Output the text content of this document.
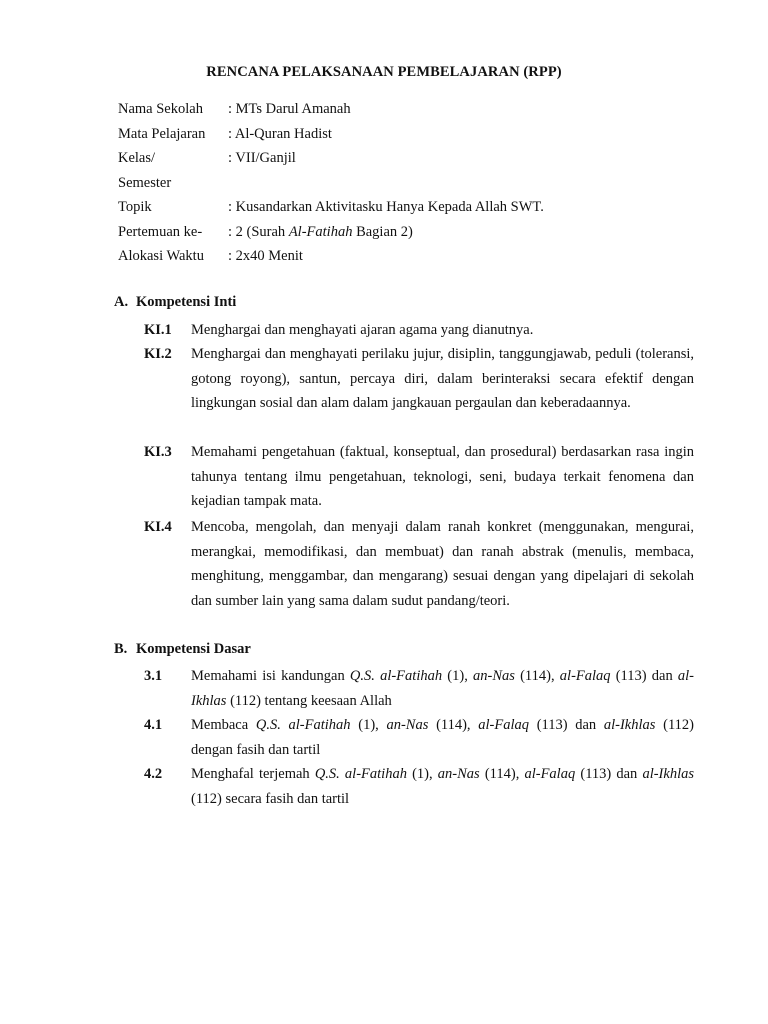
RENCANA PELAKSANAAN PEMBELAJARAN (RPP)
Nama Sekolah	: MTs Darul Amanah
Mata Pelajaran	: Al-Quran Hadist
Kelas/	: VII/Ganjil
Semester
Topik	: Kusandarkan Aktivitasku Hanya Kepada Allah SWT.
Pertemuan ke-	: 2 (Surah Al-Fatihah Bagian 2)
Alokasi Waktu	: 2x40 Menit
A. Kompetensi Inti
KI.1	Menghargai dan menghayati ajaran agama yang dianutnya.
KI.2	Menghargai dan menghayati perilaku jujur, disiplin, tanggungjawab, peduli (toleransi, gotong royong), santun, percaya diri, dalam berinteraksi secara efektif dengan lingkungan sosial dan alam dalam jangkauan pergaulan dan keberadaannya.
KI.3	Memahami pengetahuan (faktual, konseptual, dan prosedural) berdasarkan rasa ingin tahunya tentang ilmu pengetahuan, teknologi, seni, budaya terkait fenomena dan kejadian tampak mata.
KI.4	Mencoba, mengolah, dan menyaji dalam ranah konkret (menggunakan, mengurai, merangkai, memodifikasi, dan membuat) dan ranah abstrak (menulis, membaca, menghitung, menggambar, dan mengarang) sesuai dengan yang dipelajari di sekolah dan sumber lain yang sama dalam sudut pandang/teori.
B. Kompetensi Dasar
3.1	Memahami isi kandungan Q.S. al-Fatihah (1), an-Nas (114), al-Falaq (113) dan al-Ikhlas (112) tentang keesaan Allah
4.1	Membaca Q.S. al-Fatihah (1), an-Nas (114), al-Falaq (113) dan al-Ikhlas (112) dengan fasih dan tartil
4.2	Menghafal terjemah Q.S. al-Fatihah (1), an-Nas (114), al-Falaq (113) dan al-Ikhlas (112) secara fasih dan tartil
